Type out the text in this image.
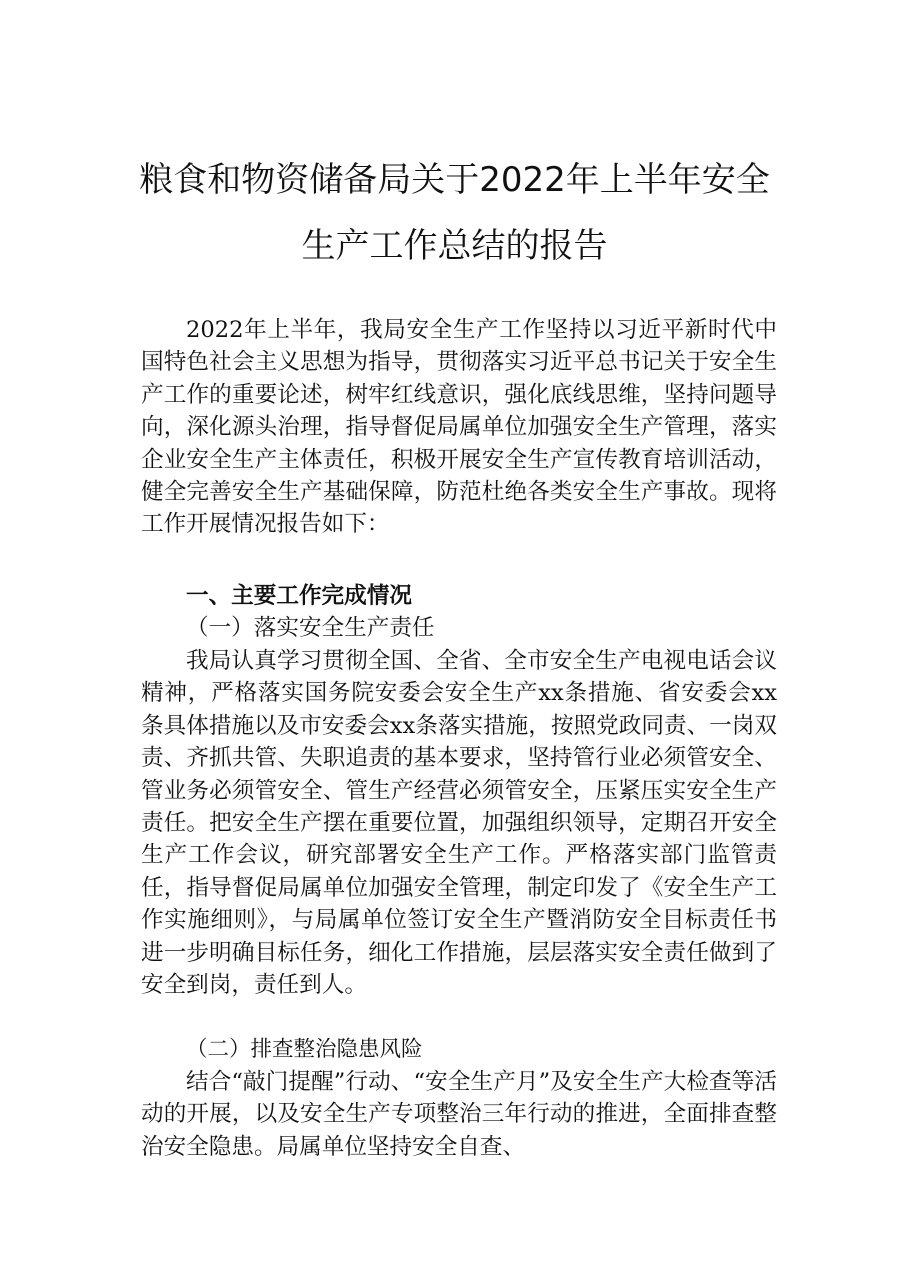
粮食和物资储备局关于2022年上半年安全
生产工作总结的报告

2022年上半年，我局安全生产工作坚持以习近平新时代中国特色社会主义思想为指导，贯彻落实习近平总书记关于安全生产工作的重要论述，树牢红线意识，强化底线思维，坚持问题导向，深化源头治理，指导督促局属单位加强安全生产管理，落实企业安全生产主体责任，积极开展安全生产宣传教育培训活动，健全完善安全生产基础保障，防范杜绝各类安全生产事故。现将工作开展情况报告如下：

一、主要工作完成情况
（一）落实安全生产责任

我局认真学习贯彻全国、全省、全市安全生产电视电话会议精神，严格落实国务院安委会安全生产xx条措施、省安委会xx条具体措施以及市安委会xx条落实措施，按照党政同责、一岗双责、齐抓共管、失职追责的基本要求，坚持管行业必须管安全、管业务必须管安全、管生产经营必须管安全，压紧压实安全生产责任。把安全生产摆在重要位置，加强组织领导，定期召开安全生产工作会议，研究部署安全生产工作。严格落实部门监管责任，指导督促局属单位加强安全管理，制定印发了《安全生产工作实施细则》，与局属单位签订安全生产暨消防安全目标责任书进一步明确目标任务，细化工作措施，层层落实安全责任做到了安全到岗，责任到人。

（二）排查整治隐患风险

结合“敲门提醒”行动、“安全生产月”及安全生产大检查等活动的开展，以及安全生产专项整治三年行动的推进，全面排查整治安全隐患。局属单位坚持安全自查、
